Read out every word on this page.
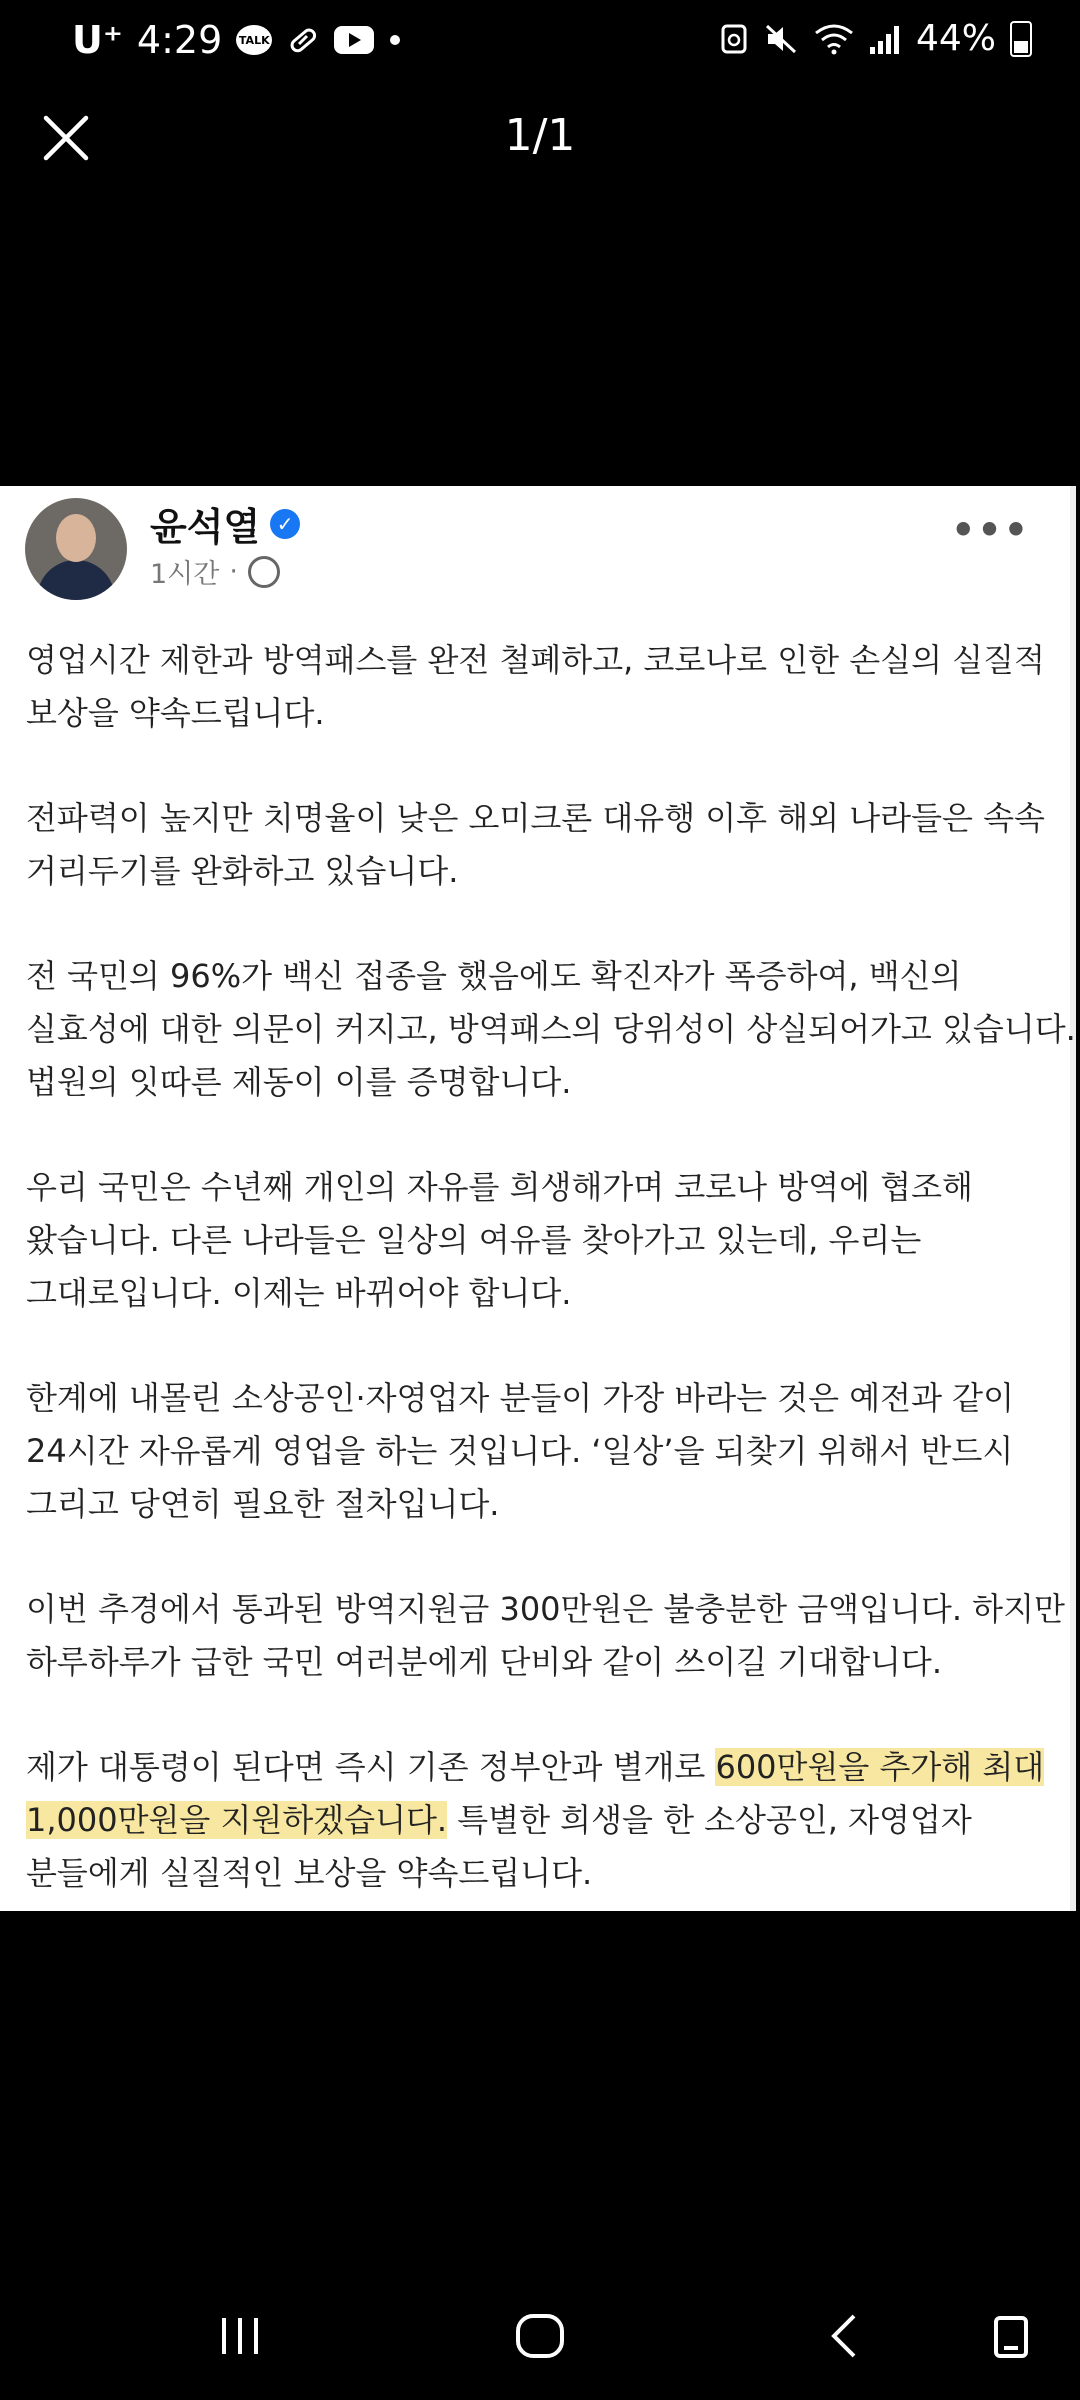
U⁺ 4:29 TALK	44%
1/1
윤석열 ✓
1시간 ·
•••

영업시간 제한과 방역패스를 완전 철폐하고, 코로나로 인한 손실의 실질적
보상을 약속드립니다.

전파력이 높지만 치명율이 낮은 오미크론 대유행 이후 해외 나라들은 속속
거리두기를 완화하고 있습니다.

전 국민의 96%가 백신 접종을 했음에도 확진자가 폭증하여, 백신의
실효성에 대한 의문이 커지고, 방역패스의 당위성이 상실되어가고 있습니다.
법원의 잇따른 제동이 이를 증명합니다.

우리 국민은 수년째 개인의 자유를 희생해가며 코로나 방역에 협조해
왔습니다. 다른 나라들은 일상의 여유를 찾아가고 있는데, 우리는
그대로입니다. 이제는 바뀌어야 합니다.

한계에 내몰린 소상공인·자영업자 분들이 가장 바라는 것은 예전과 같이
24시간 자유롭게 영업을 하는 것입니다. ‘일상’을 되찾기 위해서 반드시
그리고 당연히 필요한 절차입니다.

이번 추경에서 통과된 방역지원금 300만원은 불충분한 금액입니다. 하지만
하루하루가 급한 국민 여러분에게 단비와 같이 쓰이길 기대합니다.

제가 대통령이 된다면 즉시 기존 정부안과 별개로 600만원을 추가해 최대
1,000만원을 지원하겠습니다. 특별한 희생을 한 소상공인, 자영업자
분들에게 실질적인 보상을 약속드립니다.
